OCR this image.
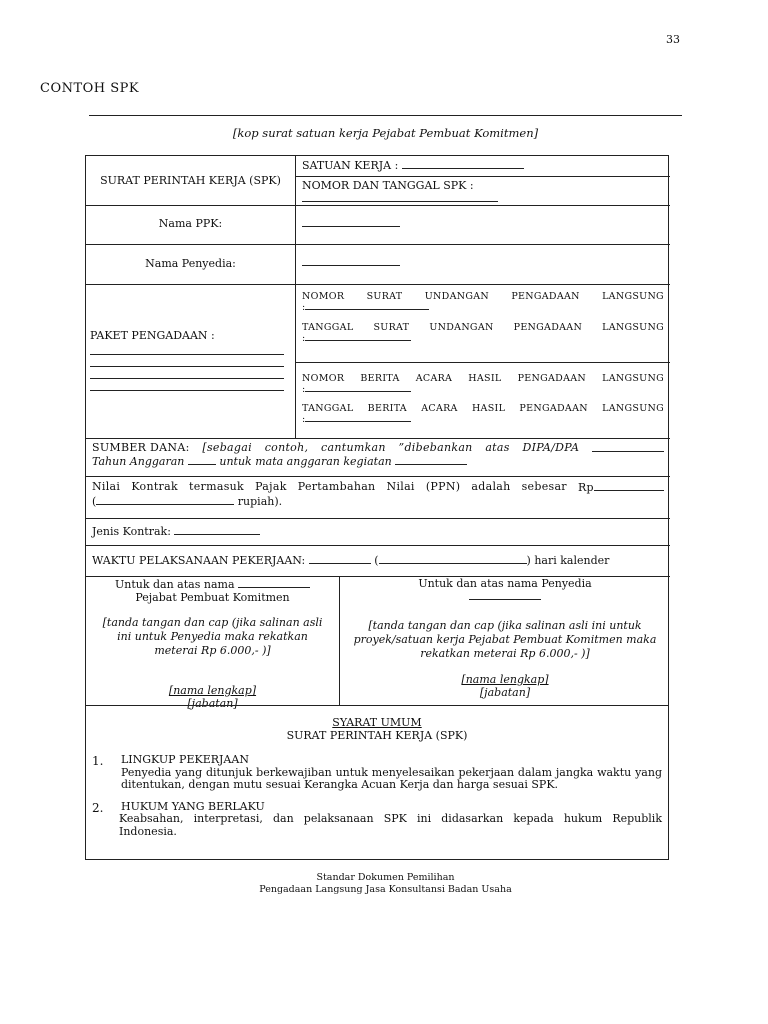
33
CONTOH SPK
[kop surat satuan kerja Pejabat Pembuat Komitmen]
SURAT PERINTAH KERJA (SPK)
SATUAN KERJA :
NOMOR DAN TANGGAL SPK :
Nama PPK:
Nama Penyedia:
PAKET PENGADAAN :
NOMOR SURAT UNDANGAN PENGADAAN LANGSUNG
:
TANGGAL SURAT UNDANGAN PENGADAAN LANGSUNG
:
NOMOR BERITA ACARA HASIL PENGADAAN LANGSUNG
:
TANGGAL BERITA ACARA HASIL PENGADAAN LANGSUNG
:
SUMBER DANA: [sebagai contoh, cantumkan ”dibebankan atas DIPA/DPA
Tahun Anggaran	untuk mata anggaran kegiatan
Nilai Kontrak termasuk Pajak Pertambahan Nilai (PPN) adalah sebesar Rp
(	rupiah).
Jenis Kontrak:
WAKTU PELAKSANAAN PEKERJAAN:	(	) hari kalender
Untuk dan atas nama
Pejabat Pembuat Komitmen
[tanda tangan dan cap (jika salinan asli ini untuk Penyedia maka rekatkan meterai Rp 6.000,- )]
[nama lengkap]
[jabatan]
Untuk dan atas nama Penyedia
[tanda tangan dan cap (jika salinan asli ini untuk proyek/satuan kerja Pejabat Pembuat Komitmen maka rekatkan meterai Rp 6.000,- )]
[nama lengkap]
[jabatan]
SYARAT UMUM
SURAT PERINTAH KERJA (SPK)
1. LINGKUP PEKERJAAN
Penyedia yang ditunjuk berkewajiban untuk menyelesaikan pekerjaan dalam jangka waktu yang ditentukan, dengan mutu sesuai Kerangka Acuan Kerja dan harga sesuai SPK.
2. HUKUM YANG BERLAKU
Keabsahan, interpretasi, dan pelaksanaan SPK ini didasarkan kepada hukum Republik Indonesia.
Standar Dokumen Pemilihan
Pengadaan Langsung Jasa Konsultansi Badan Usaha
